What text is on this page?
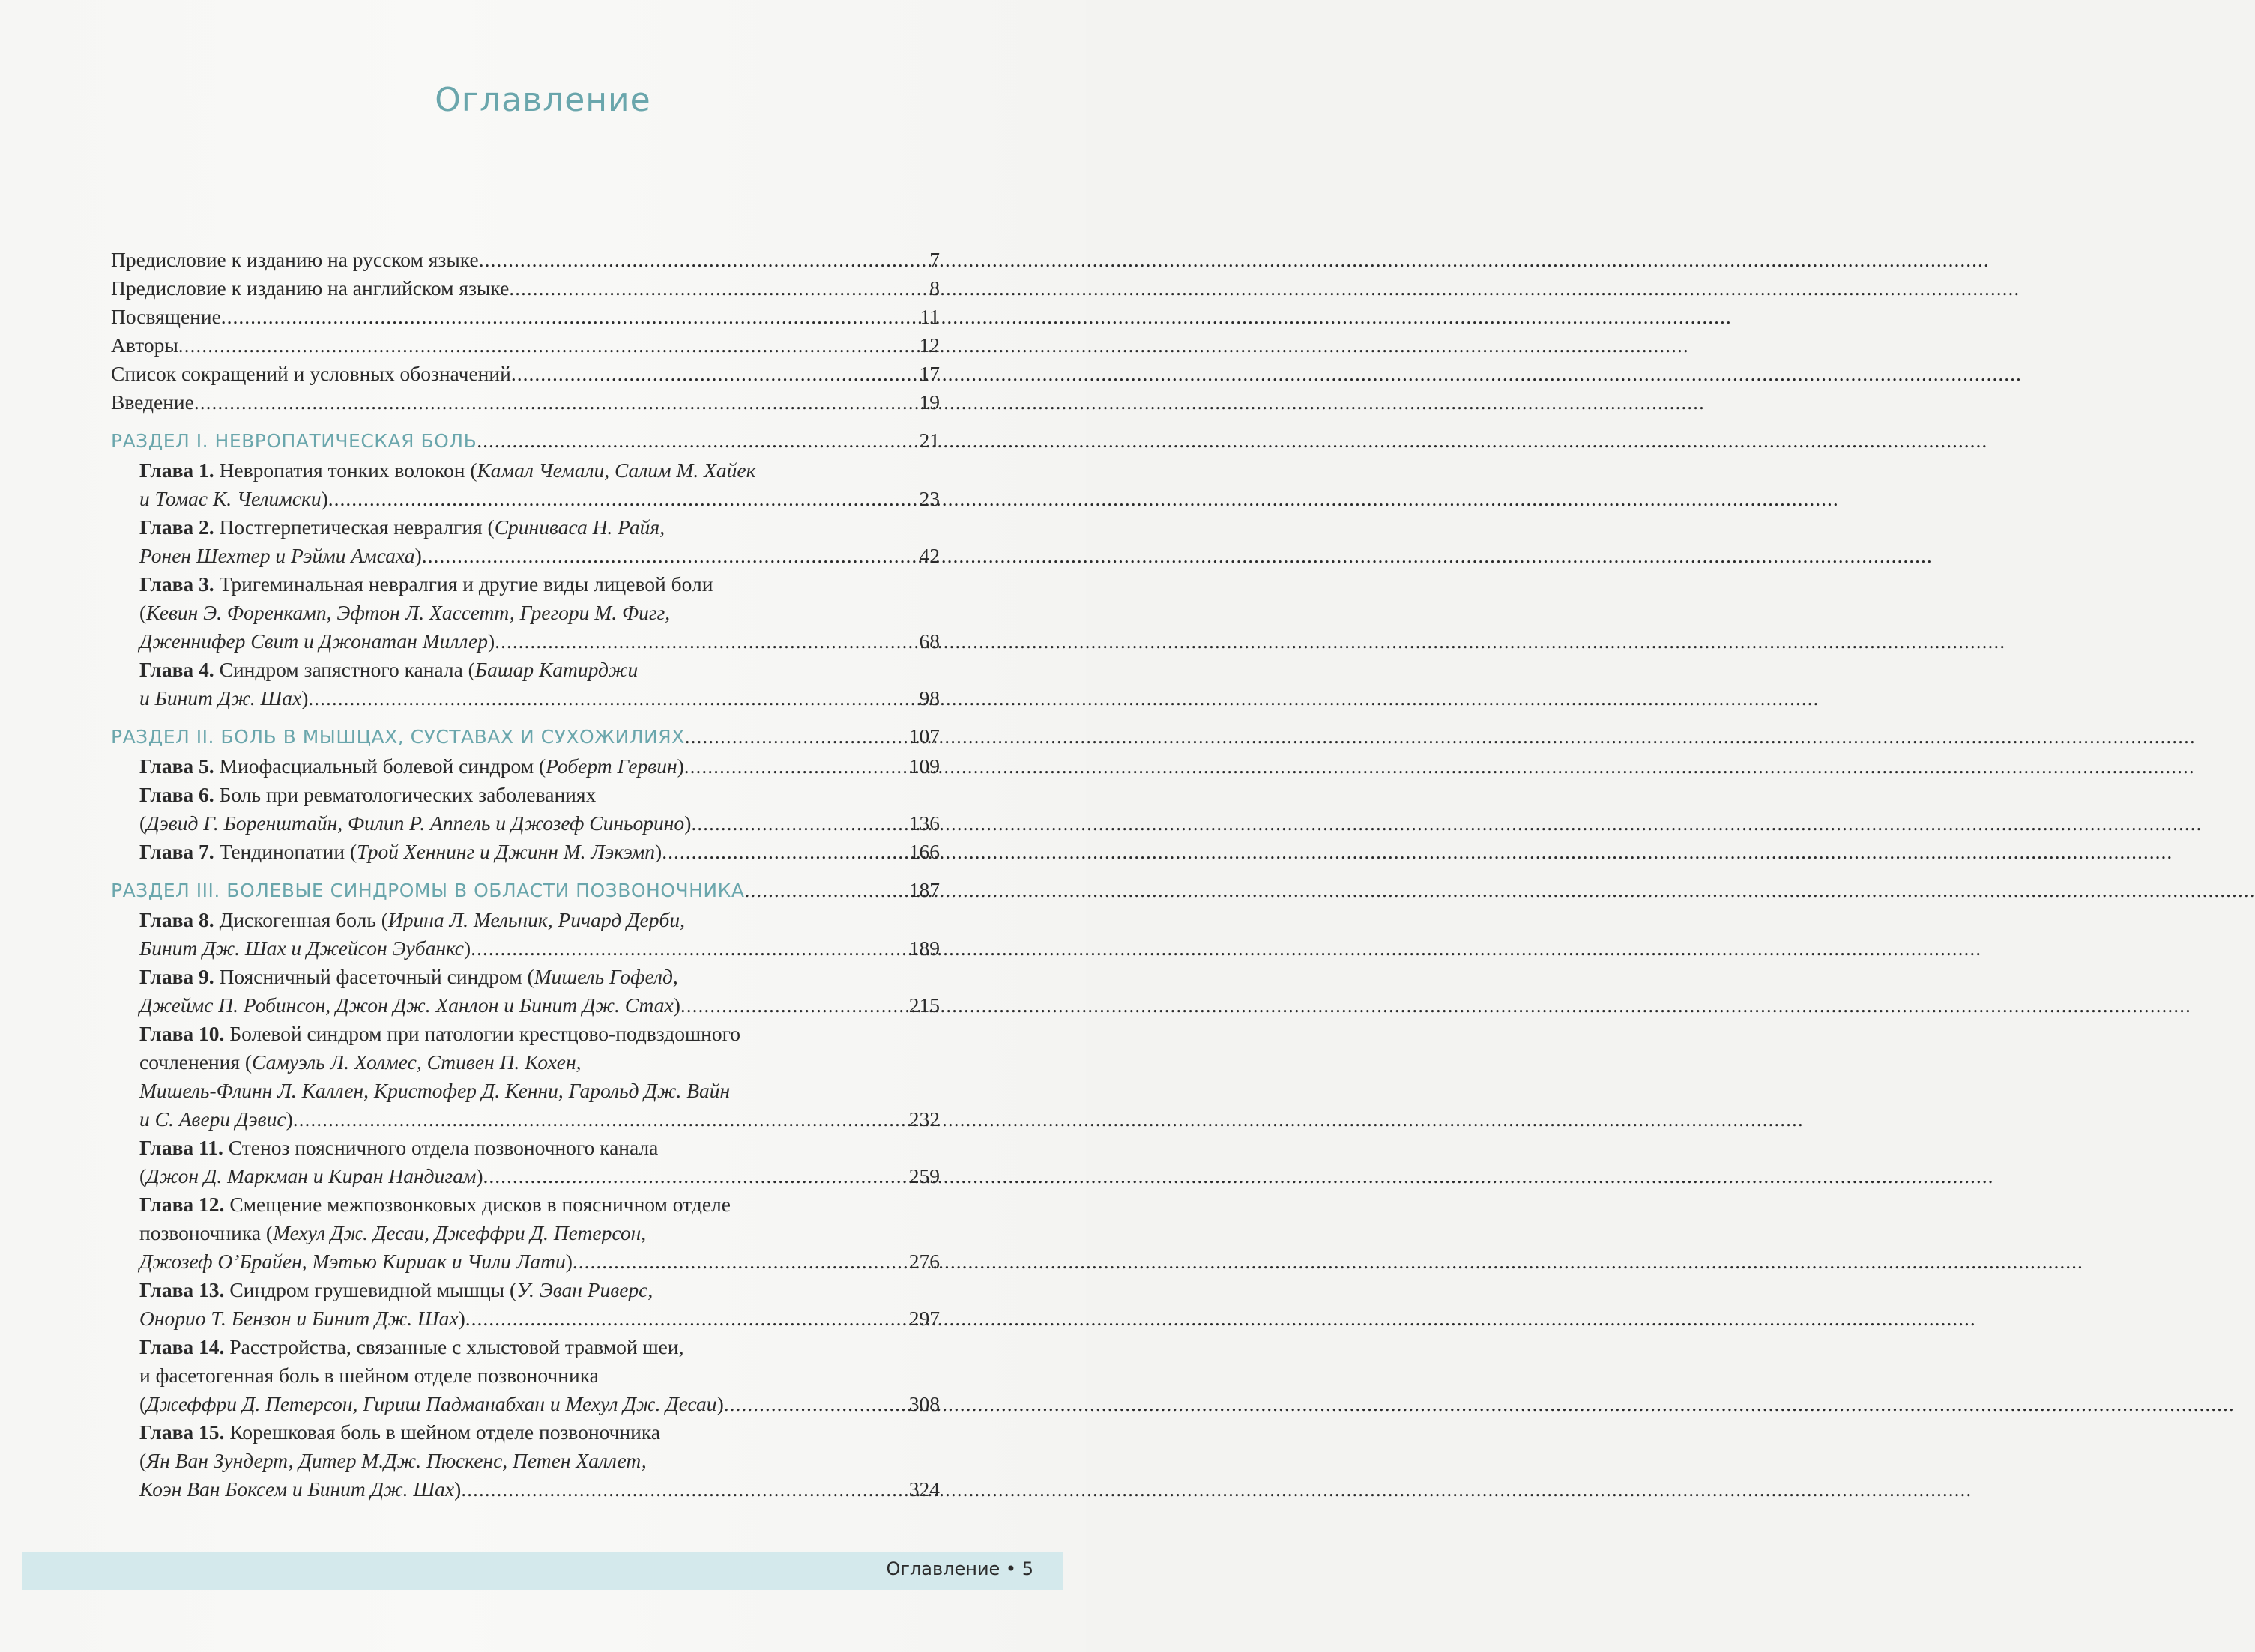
Оглавление
Предисловие к изданию на русском языке .....	7
Предисловие к изданию на английском языке .....	8
Посвящение .....	11
Авторы .....	12
Список сокращений и условных обозначений .....	17
Введение .....	19
РАЗДЕЛ I. НЕВРОПАТИЧЕСКАЯ БОЛЬ .....	21
Глава 1. Невропатия тонких волокон (Камал Чемали, Салим М. Хайек
и Томас К. Челимски) .....	23
Глава 2. Постгерпетическая невралгия (Сриниваса Н. Райя,
Ронен Шехтер и Рэйми Амсаха) .....	42
Глава 3. Тригеминальная невралгия и другие виды лицевой боли
(Кевин Э. Форенкамп, Эфтон Л. Хассетт, Грегори М. Фигг,
Дженнифер Свит и Джонатан Миллер) .....	68
Глава 4. Синдром запястного канала (Башар Катирджи
и Бинит Дж. Шах) .....	98
РАЗДЕЛ II. БОЛЬ В МЫШЦАХ, СУСТАВАХ И СУХОЖИЛИЯХ .....	107
Глава 5. Миофасциальный болевой синдром (Роберт Гервин) .....	109
Глава 6. Боль при ревматологических заболеваниях
(Дэвид Г. Боренштайн, Филип Р. Аппель и Джозеф Синьорино) .....	136
Глава 7. Тендинопатии (Трой Хеннинг и Джинн М. Лэкэмп) .....	166
РАЗДЕЛ III. БОЛЕВЫЕ СИНДРОМЫ В ОБЛАСТИ ПОЗВОНОЧНИКА .....	187
Глава 8. Дискогенная боль (Ирина Л. Мельник, Ричард Дерби,
Бинит Дж. Шах и Джейсон Эубанкс) .....	189
Глава 9. Поясничный фасеточный синдром (Мишель Гофелд,
Джеймс П. Робинсон, Джон Дж. Ханлон и Бинит Дж. Стах) .....	215
Глава 10. Болевой синдром при патологии крестцово-подвздошного
сочленения (Самуэль Л. Холмес, Стивен П. Кохен,
Мишель-Флинн Л. Каллен, Кристофер Д. Кенни, Гарольд Дж. Вайн
и С. Авери Дэвис) .....	232
Глава 11. Стеноз поясничного отдела позвоночного канала
(Джон Д. Маркман и Киран Нандигам) .....	259
Глава 12. Смещение межпозвонковых дисков в поясничном отделе
позвоночника (Мехул Дж. Десаи, Джеффри Д. Петерсон,
Джозеф О’Брайен, Мэтью Кириак и Чили Лати) .....	276
Глава 13. Синдром грушевидной мышцы (У. Эван Риверс,
Онорио Т. Бензон и Бинит Дж. Шах) .....	297
Глава 14. Расстройства, связанные с хлыстовой травмой шеи,
и фасетогенная боль в шейном отделе позвоночника
(Джеффри Д. Петерсон, Гириш Падманабхан и Мехул Дж. Десаи) .....	308
Глава 15. Корешковая боль в шейном отделе позвоночника
(Ян Ван Зундерт, Дитер М.Дж. Пюскенс, Петен Халлет,
Коэн Ван Боксем и Бинит Дж. Шах) .....	324
Оглавление • 5
